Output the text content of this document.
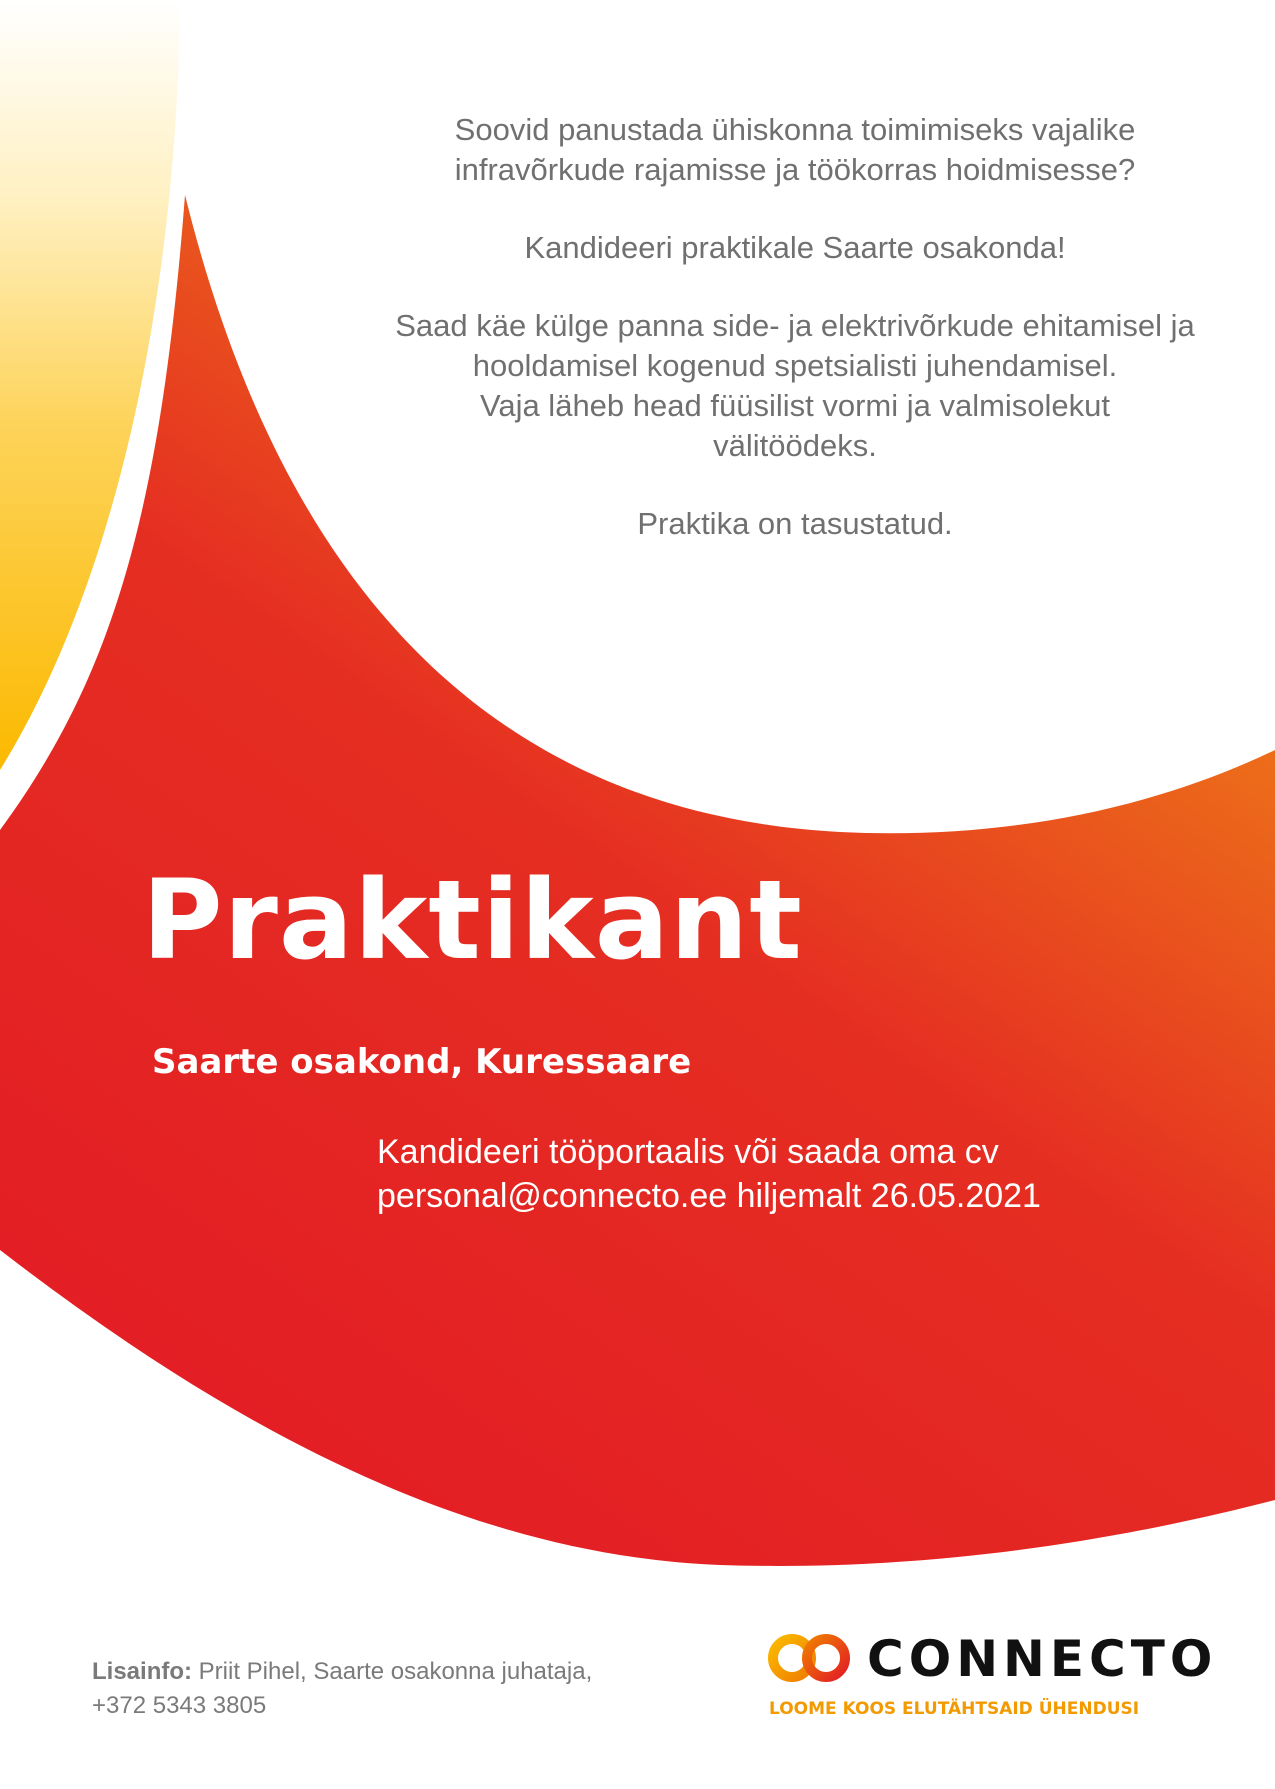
Soovid panustada ühiskonna toimimiseks vajalike
infravõrkude rajamisse ja töökorras hoidmisesse?

Kandideeri praktikale Saarte osakonda!

Saad käe külge panna side- ja elektrivõrkude ehitamisel ja
hooldamisel kogenud spetsialisti juhendamisel.
Vaja läheb head füüsilist vormi ja valmisolekut
välitöödeks.

Praktika on tasustatud.

Praktikant
Saarte osakond, Kuressaare
Kandideeri tööportaalis või saada oma cv
personal@connecto.ee hiljemalt 26.05.2021
Lisainfo: Priit Pihel, Saarte osakonna juhataja,
+372 5343 3805
CONNECTO
LOOME KOOS ELUTÄHTSAID ÜHENDUSI
